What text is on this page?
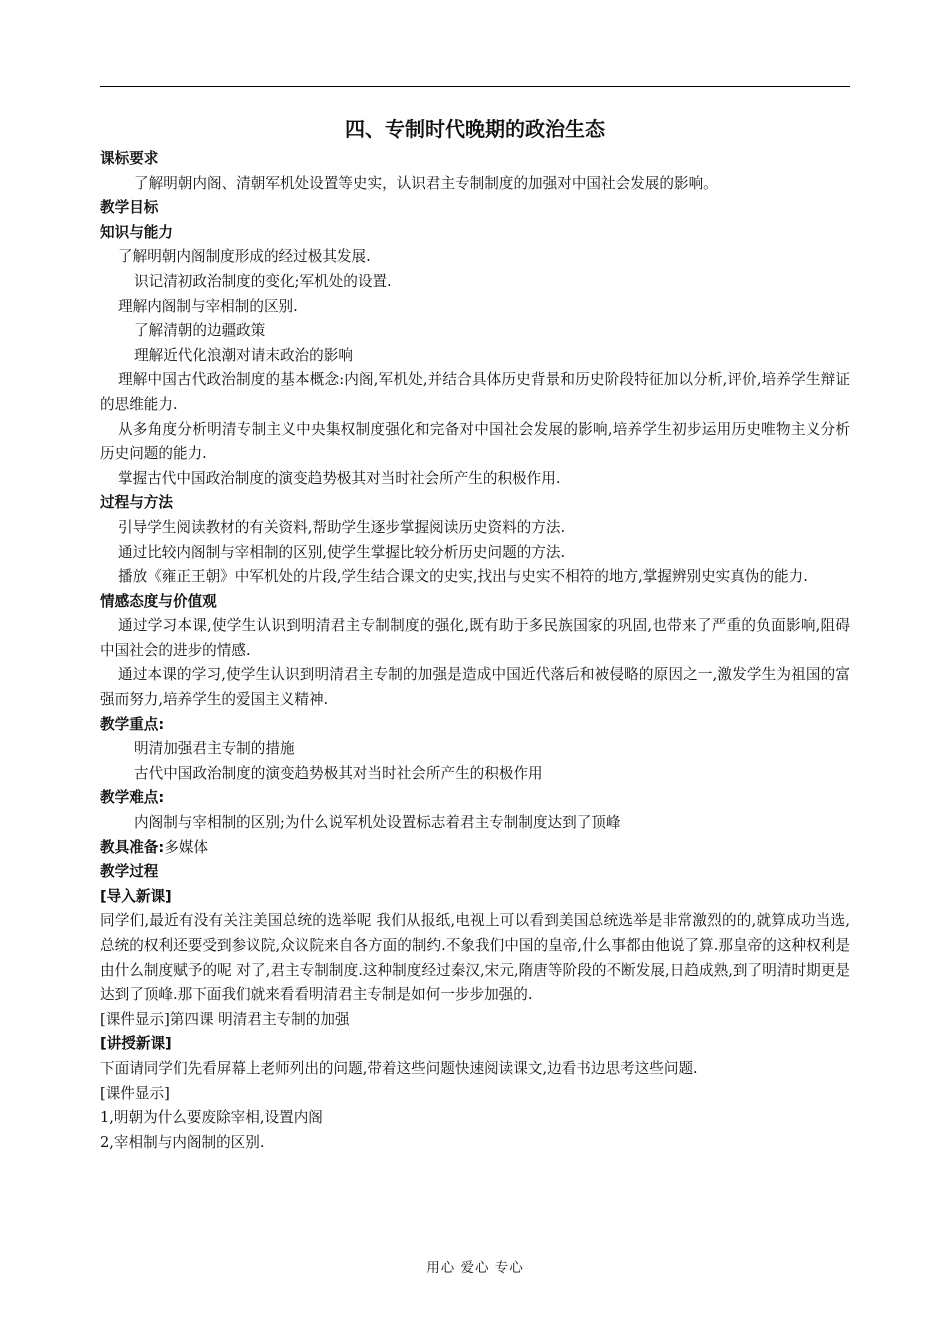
四、专制时代晚期的政治生态

课标要求

了解明朝内阁、清朝军机处设置等史实，认识君主专制制度的加强对中国社会发展的影响。

教学目标

知识与能力

了解明朝内阁制度形成的经过极其发展.

识记清初政治制度的变化;军机处的设置.

理解内阁制与宰相制的区别.

了解清朝的边疆政策

理解近代化浪潮对请末政治的影响

理解中国古代政治制度的基本概念:内阁,军机处,并结合具体历史背景和历史阶段特征加以分析,评价,培养学生辩证的思维能力.

从多角度分析明清专制主义中央集权制度强化和完备对中国社会发展的影响,培养学生初步运用历史唯物主义分析历史问题的能力.

掌握古代中国政治制度的演变趋势极其对当时社会所产生的积极作用.

过程与方法

引导学生阅读教材的有关资料,帮助学生逐步掌握阅读历史资料的方法.

通过比较内阁制与宰相制的区别,使学生掌握比较分析历史问题的方法.

播放《雍正王朝》中军机处的片段,学生结合课文的史实,找出与史实不相符的地方,掌握辨别史实真伪的能力.

情感态度与价值观

通过学习本课,使学生认识到明清君主专制制度的强化,既有助于多民族国家的巩固,也带来了严重的负面影响,阻碍中国社会的进步的情感.

通过本课的学习,使学生认识到明清君主专制的加强是造成中国近代落后和被侵略的原因之一,激发学生为祖国的富强而努力,培养学生的爱国主义精神.

教学重点:

明清加强君主专制的措施

古代中国政治制度的演变趋势极其对当时社会所产生的积极作用

教学难点:

内阁制与宰相制的区别;为什么说军机处设置标志着君主专制制度达到了顶峰

教具准备:多媒体

教学过程

[导入新课]

同学们,最近有没有关注美国总统的选举呢 我们从报纸,电视上可以看到美国总统选举是非常激烈的的,就算成功当选,总统的权利还要受到参议院,众议院来自各方面的制约.不象我们中国的皇帝,什么事都由他说了算.那皇帝的这种权利是由什么制度赋予的呢 对了,君主专制制度.这种制度经过秦汉,宋元,隋唐等阶段的不断发展,日趋成熟,到了明清时期更是达到了顶峰.那下面我们就来看看明清君主专制是如何一步步加强的.

[课件显示]第四课 明清君主专制的加强

[讲授新课]

下面请同学们先看屏幕上老师列出的问题,带着这些问题快速阅读课文,边看书边思考这些问题.

[课件显示]

1,明朝为什么要废除宰相,设置内阁

2,宰相制与内阁制的区别.

用心 爱心 专心
